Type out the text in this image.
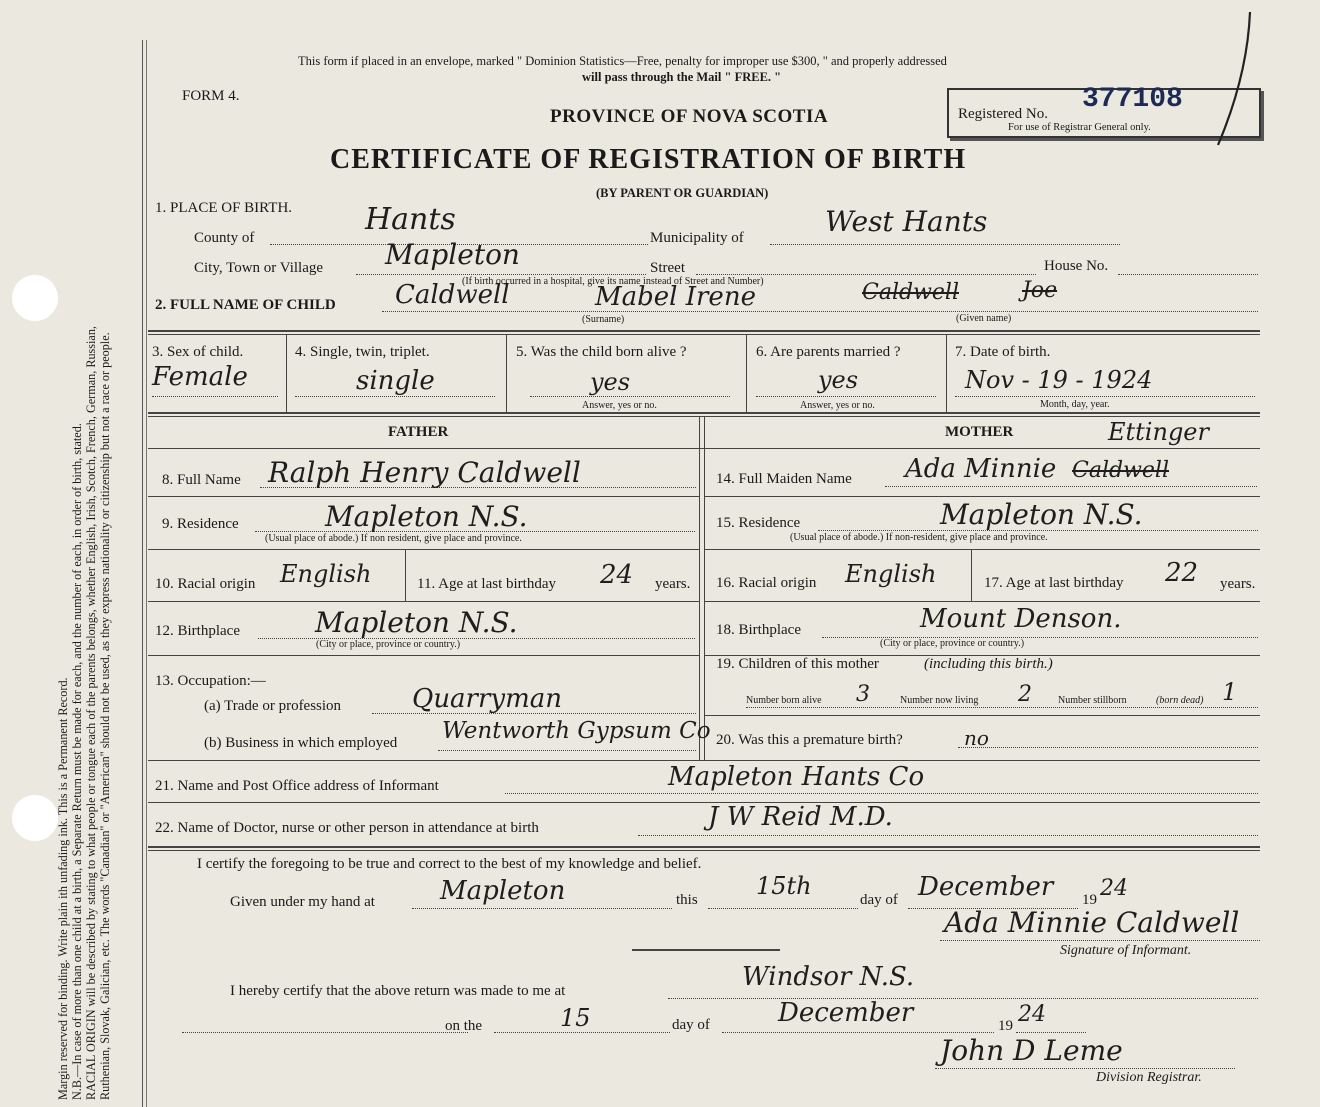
Margin reserved for binding. Write plain ith unfading ink. This is a Permanent Record. N.B.—In case of more than one child at a birth, a Separate Return must be made for each, and the number of each, in order of birth, stated. RACIAL ORIGIN will be described by stating to what people or tongue each of the parents belongs, whether English, Irish, Scotch, French, German, Russian, Ruthenian, Slovak, Galician, etc. The words "Canadian" or "American" should not be used, as they express nationality or citizenship but not a race or people.
This form if placed in an envelope, marked " Dominion Statistics—Free, penalty for improper use $300, " and properly addressed
will pass through the Mail " FREE. "
FORM 4.
PROVINCE OF NOVA SCOTIA
CERTIFICATE OF REGISTRATION OF BIRTH
(BY PARENT OR GUARDIAN)
Registered No. 377108
For use of Registrar General only.
1. PLACE OF BIRTH.
County of
Hants
Municipality of	West Hants
City, Town or Village Mapleton	Street	House No.
(If birth occurred in a hospital, give its name instead of Street and Number)
2. FULL NAME OF CHILD Caldwell	Mabel Irene	Caldwell	Joe
(Surname)	(Given name)
3. Sex of child.
Female
4. Single, twin, triplet.
single
5. Was the child born alive ?
yes
Answer, yes or no.
6. Are parents married ?
yes
Answer, yes or no.
7. Date of birth.
Nov - 19 - 1924
Month, day, year.
FATHER	MOTHER	Ettinger
8. Full Name Ralph Henry Caldwell
9. Residence	Mapleton N.S.
(Usual place of abode.) If non resident, give place and province.
10. Racial origin English	11. Age at last birthday 24 years.
12. Birthplace	Mapleton N.S.
(City or place, province or country.)
13. Occupation:—
(a) Trade or profession	Quarryman
(b) Business in which employed Wentworth Gypsum Co
14. Full Maiden Name Ada Minnie Caldwell
15. Residence	Mapleton N.S.
(Usual place of abode.) If non-resident, give place and province.
16. Racial origin English	17. Age at last birthday 22 years.
18. Birthplace	Mount Denson.
(City or place, province or country.)
19. Children of this mother	(including this birth.)
Number born alive 3	Number now living 2	Number stillborn	(born dead) 1
20. Was this a premature birth?	no
21. Name and Post Office address of Informant	Mapleton Hants Co
22. Name of Doctor, nurse or other person in attendance at birth	J W Reid M.D.
I certify the foregoing to be true and correct to the best of my knowledge and belief.
Given under my hand at	Mapleton	this 15th	day of December 19 24
Ada Minnie Caldwell
Signature of Informant.
I hereby certify that the above return was made to me at	Windsor N.S.
on the	15	day of	December	19 24
John D Leme
Division Registrar.
